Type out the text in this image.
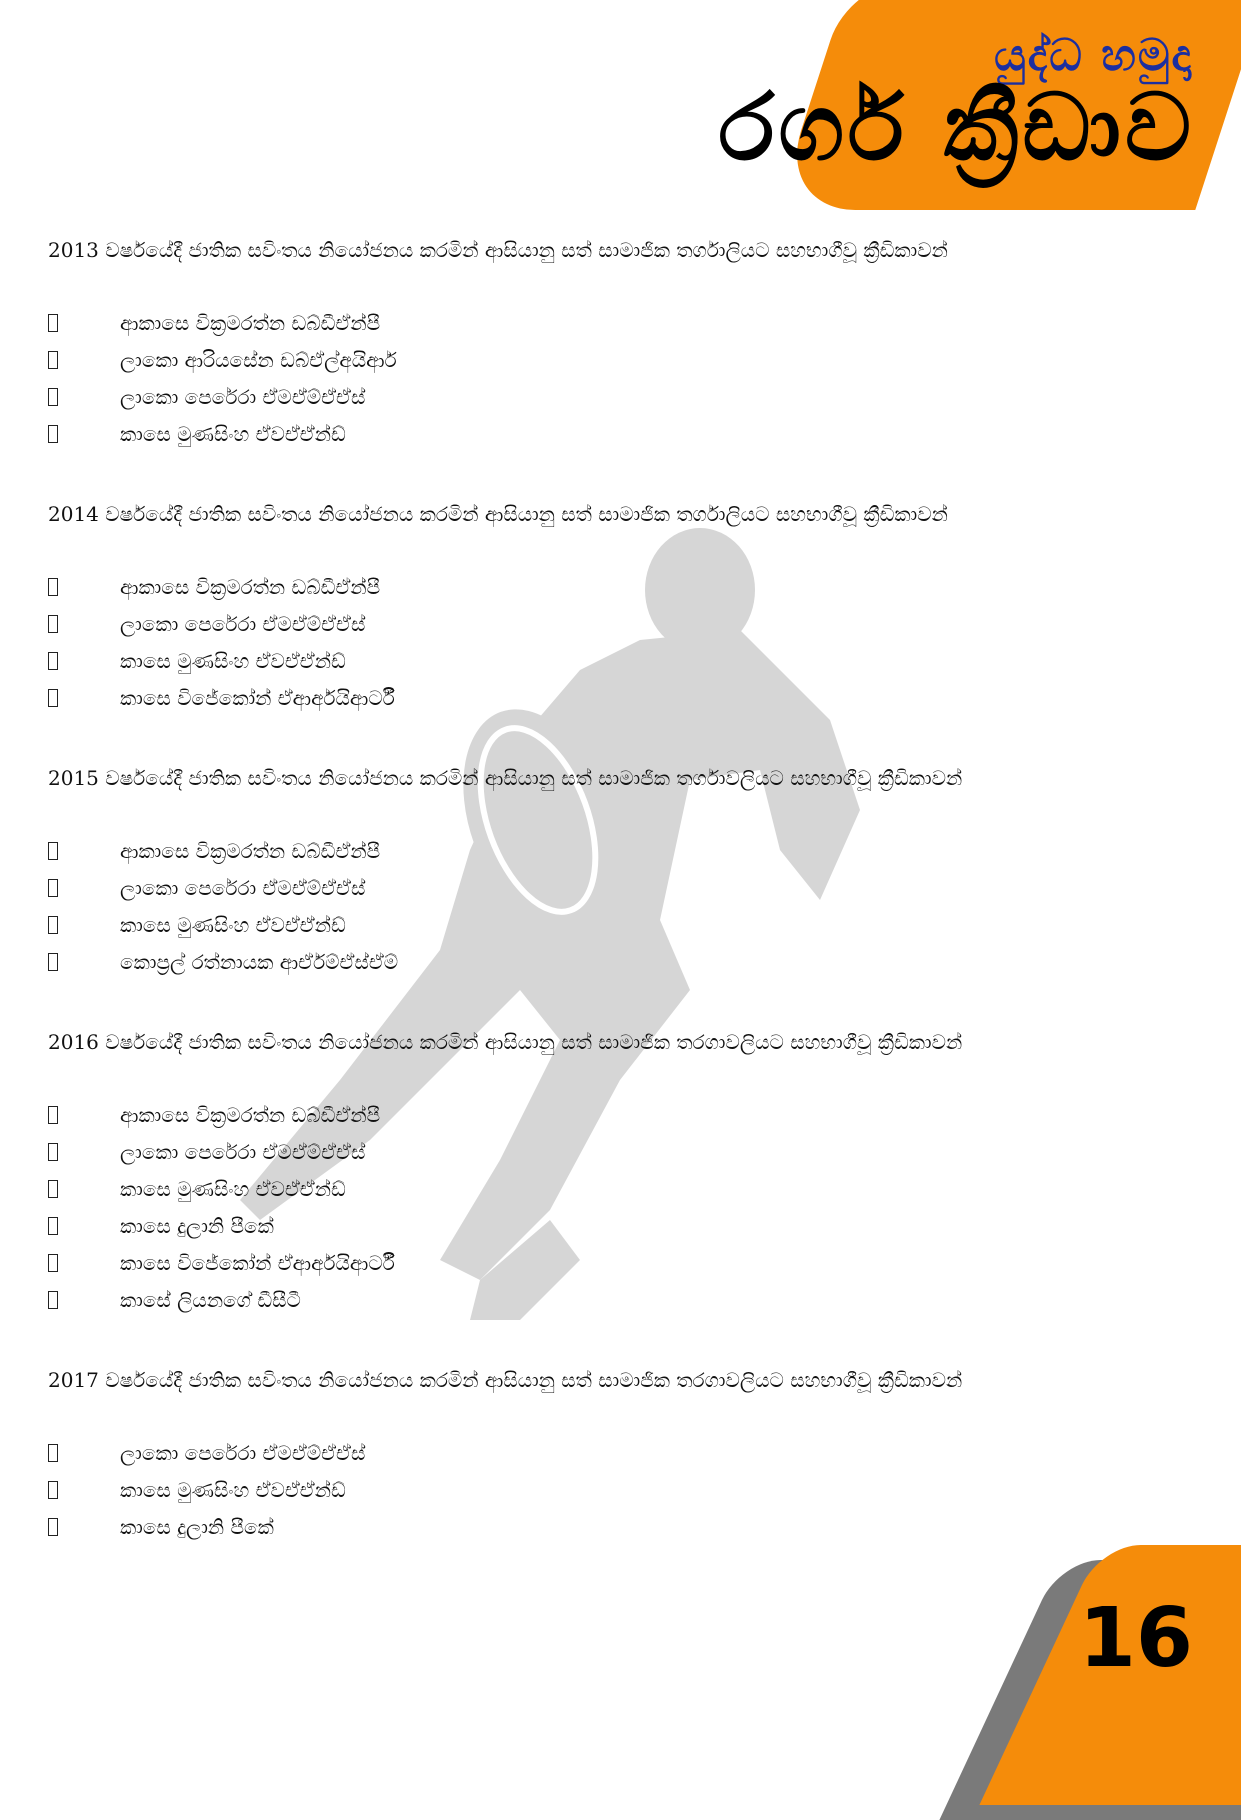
යුද්ධ හමුදා
රගර් ක්‍රීඩාව

2013 වර්ෂයේදී ජාතික සවිංතය නියෝජනය කරමින් ආසියානු සත් සාමාජික තර්ගාලියට සහභාගීවූ ක්‍රීඩිකාවන්

ආකාසෙ වික්‍රමරත්න ඩබ්ඩීඒන්පී
ලාකො ආරියසේන ඩබ්ඒල්අයිආර්
ලාකො පෙරේරා ඒමඒම්ඒඒස්
කාසෙ මුණසිංහ ඒවඒඒන්ඩ්

2014 වර්ෂයේදී ජාතික සවිංතය නියෝජනය කරමින් ආසියානු සත් සාමාජික තර්ගාලියට සහභාගීවූ ක්‍රීඩිකාවන්

ආකාසෙ වික්‍රමරත්න ඩබ්ඩීඒන්පී
ලාකො පෙරේරා ඒමඒම්ඒඒස්
කාසෙ මුණසිංහ ඒවඒඒන්ඩ්
කාසෙ විජේකෝන් ඒආර්අයිආර්ටී

2015 වර්ෂයේදී ජාතික සවිංතය නියෝජනය කරමින් ආසියානු සත් සාමාජික තර්ගාවලියට සහභාගීවූ ක්‍රීඩිකාවන්

ආකාසෙ වික්‍රමරත්න ඩබ්ඩීඒන්පී
ලාකො පෙරේරා ඒමඒම්ඒඒස්
කාසෙ මුණසිංහ ඒවඒඒන්ඩ්
කොප්‍රල් රත්නායක ආර්ඒම්ඒස්ඒම්

2016 වර්ෂයේදී ජාතික සවිංතය නියෝජනය කරමින් ආසියානු සත් සාමාජික තරගාවලියට සහභාගීවූ ක්‍රීඩිකාවන්

ආකාසෙ වික්‍රමරත්න ඩබ්ඩීඒන්පී
ලාකො පෙරේරා ඒමඒම්ඒඒස්
කාසෙ මුණසිංහ ඒවඒඒන්ඩ්
කාසෙ දුලානි පීකේ
කාසෙ විජේකෝන් ඒආර්අයිආර්ටී
කාසේ ලියනගේ ඩීසීටී

2017 වර්ෂයේදී ජාතික සවිංතය නියෝජනය කරමින් ආසියානු සත් සාමාජික තරගාවලියට සහභාගීවූ ක්‍රීඩිකාවන්

ලාකො පෙරේරා ඒමඒම්ඒඒස්
කාසෙ මුණසිංහ ඒවඒඒන්ඩ්
කාසෙ දුලානි පීකේ
16
